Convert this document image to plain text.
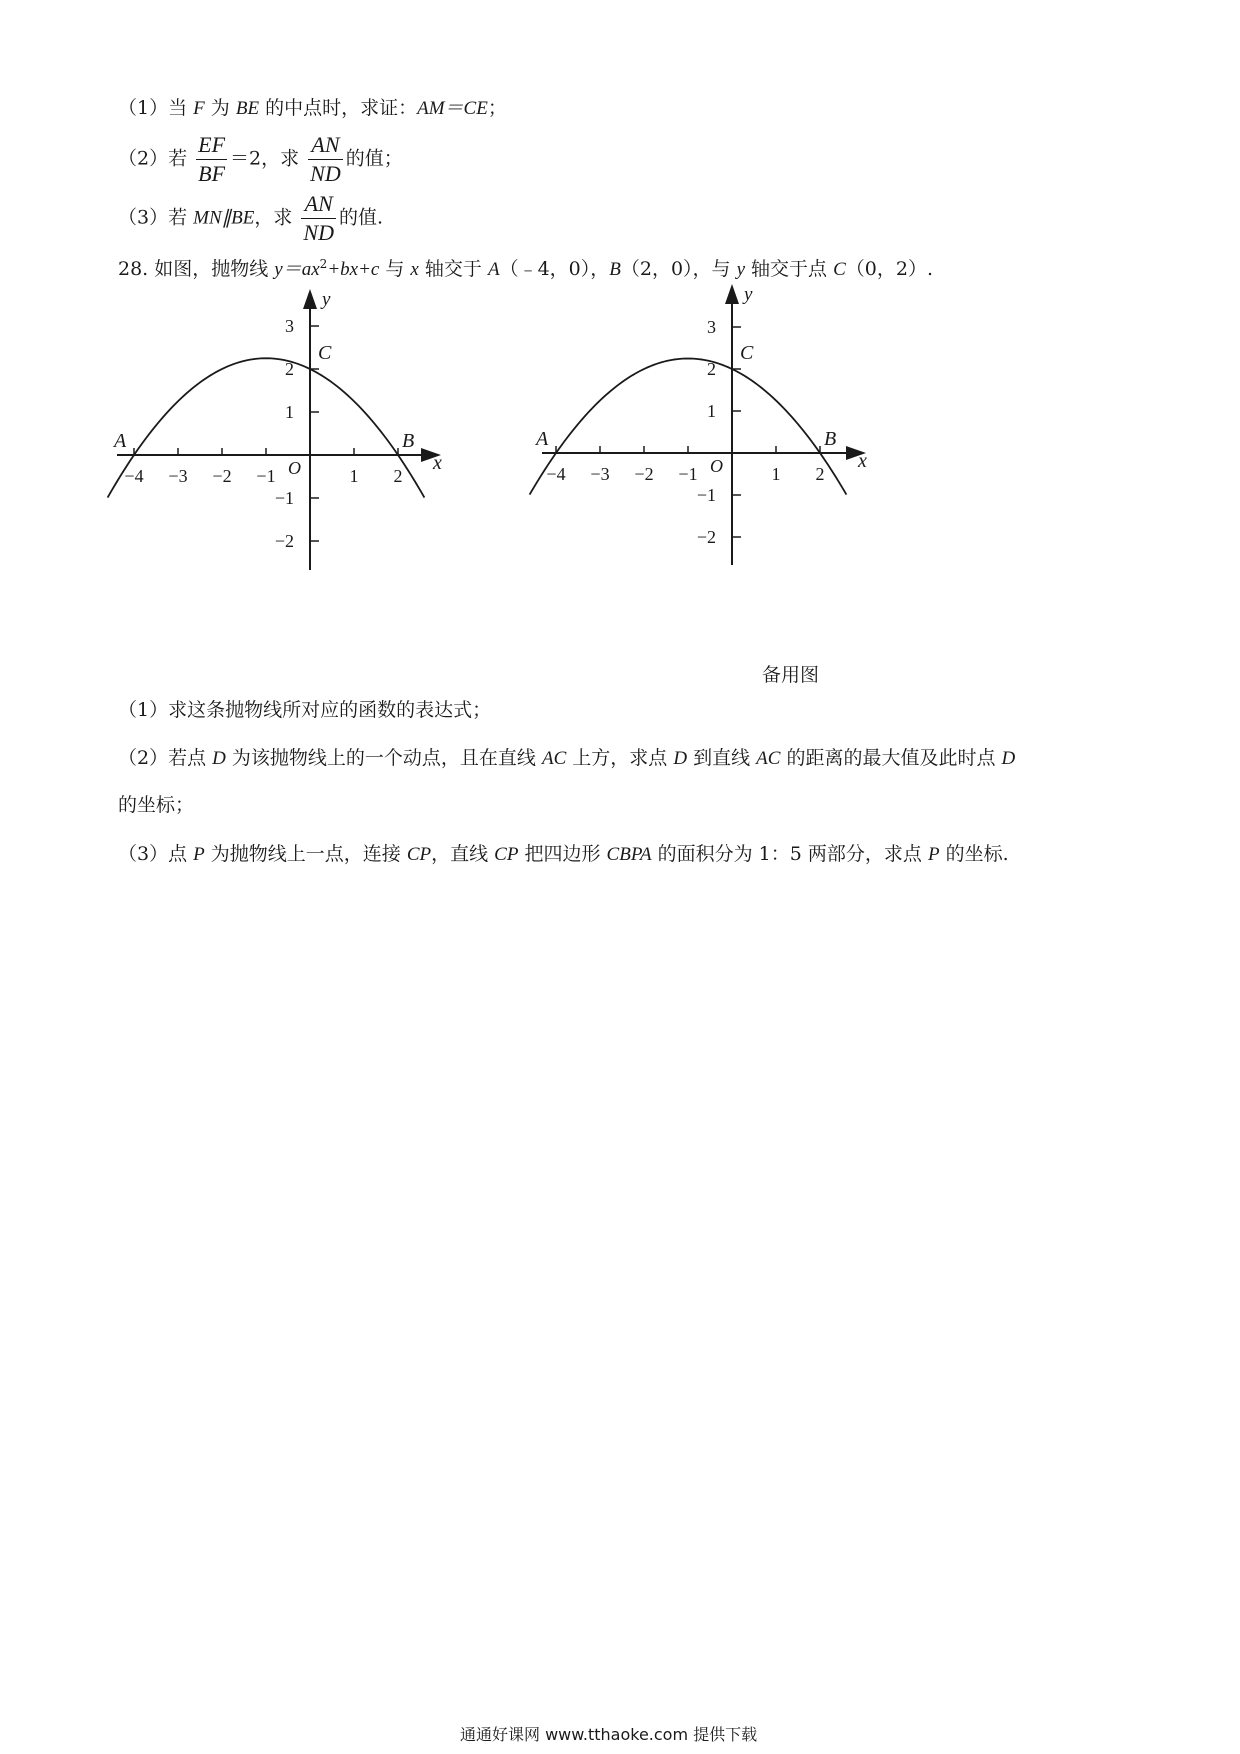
（1）当 F 为 BE 的中点时，求证：AM＝CE；
（2）若 $\frac{EF}{BF} =2$，求 $\frac{AN}{ND}$ 的值；
（3）若 MN∥BE，求 $\frac{AN}{ND}$ 的值.
28. 如图，抛物线 $y=ax^2+bx+c$ 与 x 轴交于 A（﹣4，0），B（2，0），与 y 轴交于点 C（0，2）.
x
y
O
−4 −3 −2 −1	1 2
3
2
1
−1
−2
A	B
C
x
y
O
−4 −3 −2 −1	1 2
3
2
1
−1
−2
A	B
C
备用图
（1）求这条抛物线所对应的函数的表达式；
（2）若点 D 为该抛物线上的一个动点，且在直线 AC 上方，求点 D 到直线 AC 的距离的最大值及此时点 D
的坐标；
（3）点 P 为抛物线上一点，连接 CP，直线 CP 把四边形 CBPA 的面积分为 1：5 两部分，求点 P 的坐标.
通通好课网 www.tthaoke.com 提供下载
